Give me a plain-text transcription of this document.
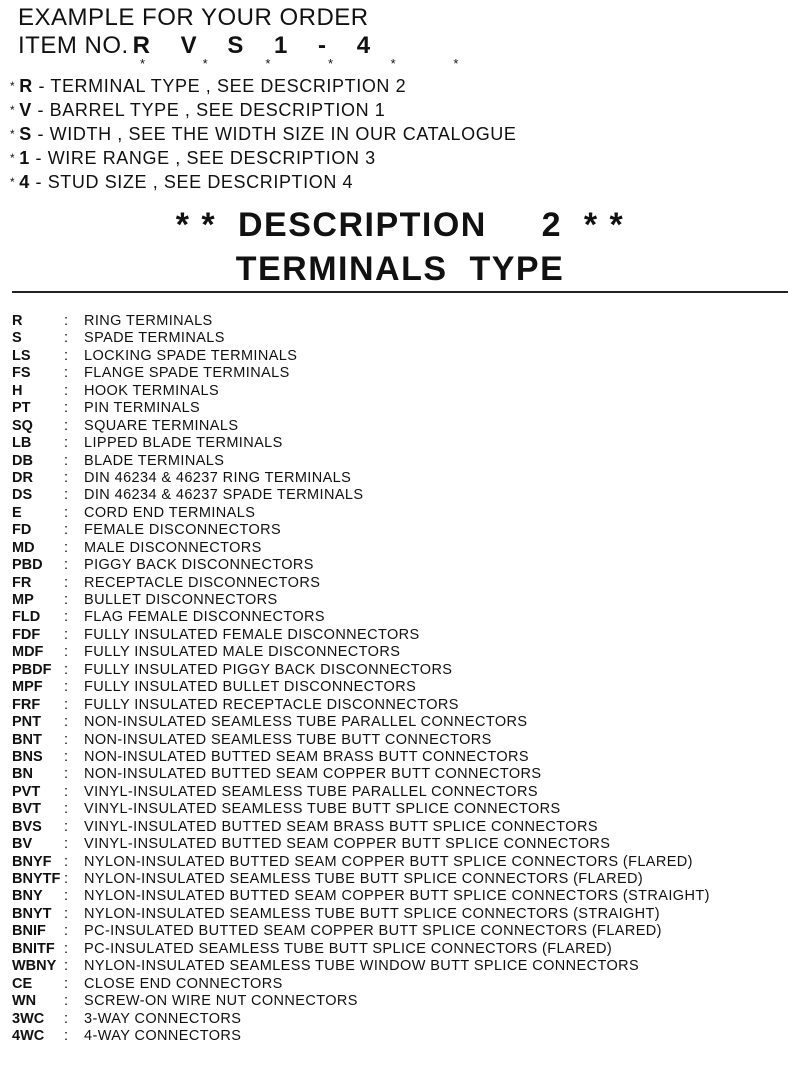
EXAMPLE FOR YOUR ORDER
ITEM NO. R V S 1 - 4
* * * * * *
* R - TERMINAL TYPE , SEE DESCRIPTION 2
* V - BARREL TYPE , SEE DESCRIPTION 1
* S - WIDTH , SEE THE WIDTH SIZE IN OUR CATALOGUE
* 1 - WIRE RANGE , SEE DESCRIPTION 3
* 4 - STUD SIZE , SEE DESCRIPTION 4
* *  DESCRIPTION     2  * *
TERMINALS  TYPE
R	: RING TERMINALS
S	: SPADE TERMINALS
LS : LOCKING SPADE TERMINALS
FS : FLANGE SPADE TERMINALS
H	: HOOK TERMINALS
PT : PIN TERMINALS
SQ : SQUARE TERMINALS
LB : LIPPED BLADE TERMINALS
DB : BLADE TERMINALS
DR : DIN 46234 & 46237 RING TERMINALS
DS : DIN 46234 & 46237 SPADE TERMINALS
E	: CORD END TERMINALS
FD : FEMALE DISCONNECTORS
MD : MALE DISCONNECTORS
PBD : PIGGY BACK DISCONNECTORS
FR : RECEPTACLE DISCONNECTORS
MP : BULLET DISCONNECTORS
FLD : FLAG FEMALE DISCONNECTORS
FDF : FULLY INSULATED FEMALE DISCONNECTORS
MDF : FULLY INSULATED MALE DISCONNECTORS
PBDF : FULLY INSULATED PIGGY BACK DISCONNECTORS
MPF : FULLY INSULATED BULLET DISCONNECTORS
FRF : FULLY INSULATED RECEPTACLE DISCONNECTORS
PNT : NON-INSULATED SEAMLESS TUBE PARALLEL CONNECTORS
BNT : NON-INSULATED SEAMLESS TUBE BUTT CONNECTORS
BNS : NON-INSULATED BUTTED SEAM BRASS BUTT CONNECTORS
BN : NON-INSULATED BUTTED SEAM COPPER BUTT CONNECTORS
PVT : VINYL-INSULATED SEAMLESS TUBE PARALLEL CONNECTORS
BVT : VINYL-INSULATED SEAMLESS TUBE BUTT SPLICE CONNECTORS
BVS : VINYL-INSULATED BUTTED SEAM BRASS BUTT SPLICE CONNECTORS
BV : VINYL-INSULATED BUTTED SEAM COPPER BUTT SPLICE CONNECTORS
BNYF : NYLON-INSULATED BUTTED SEAM COPPER BUTT SPLICE CONNECTORS (FLARED)
BNYTF : NYLON-INSULATED SEAMLESS TUBE BUTT SPLICE CONNECTORS (FLARED)
BNY : NYLON-INSULATED BUTTED SEAM COPPER BUTT SPLICE CONNECTORS (STRAIGHT)
BNYT : NYLON-INSULATED SEAMLESS TUBE BUTT SPLICE CONNECTORS (STRAIGHT)
BNIF : PC-INSULATED BUTTED SEAM COPPER BUTT SPLICE CONNECTORS (FLARED)
BNITF : PC-INSULATED SEAMLESS TUBE BUTT SPLICE CONNECTORS (FLARED)
WBNY : NYLON-INSULATED SEAMLESS TUBE WINDOW BUTT SPLICE CONNECTORS
CE : CLOSE END CONNECTORS
WN : SCREW-ON WIRE NUT CONNECTORS
3WC : 3-WAY CONNECTORS
4WC : 4-WAY CONNECTORS
